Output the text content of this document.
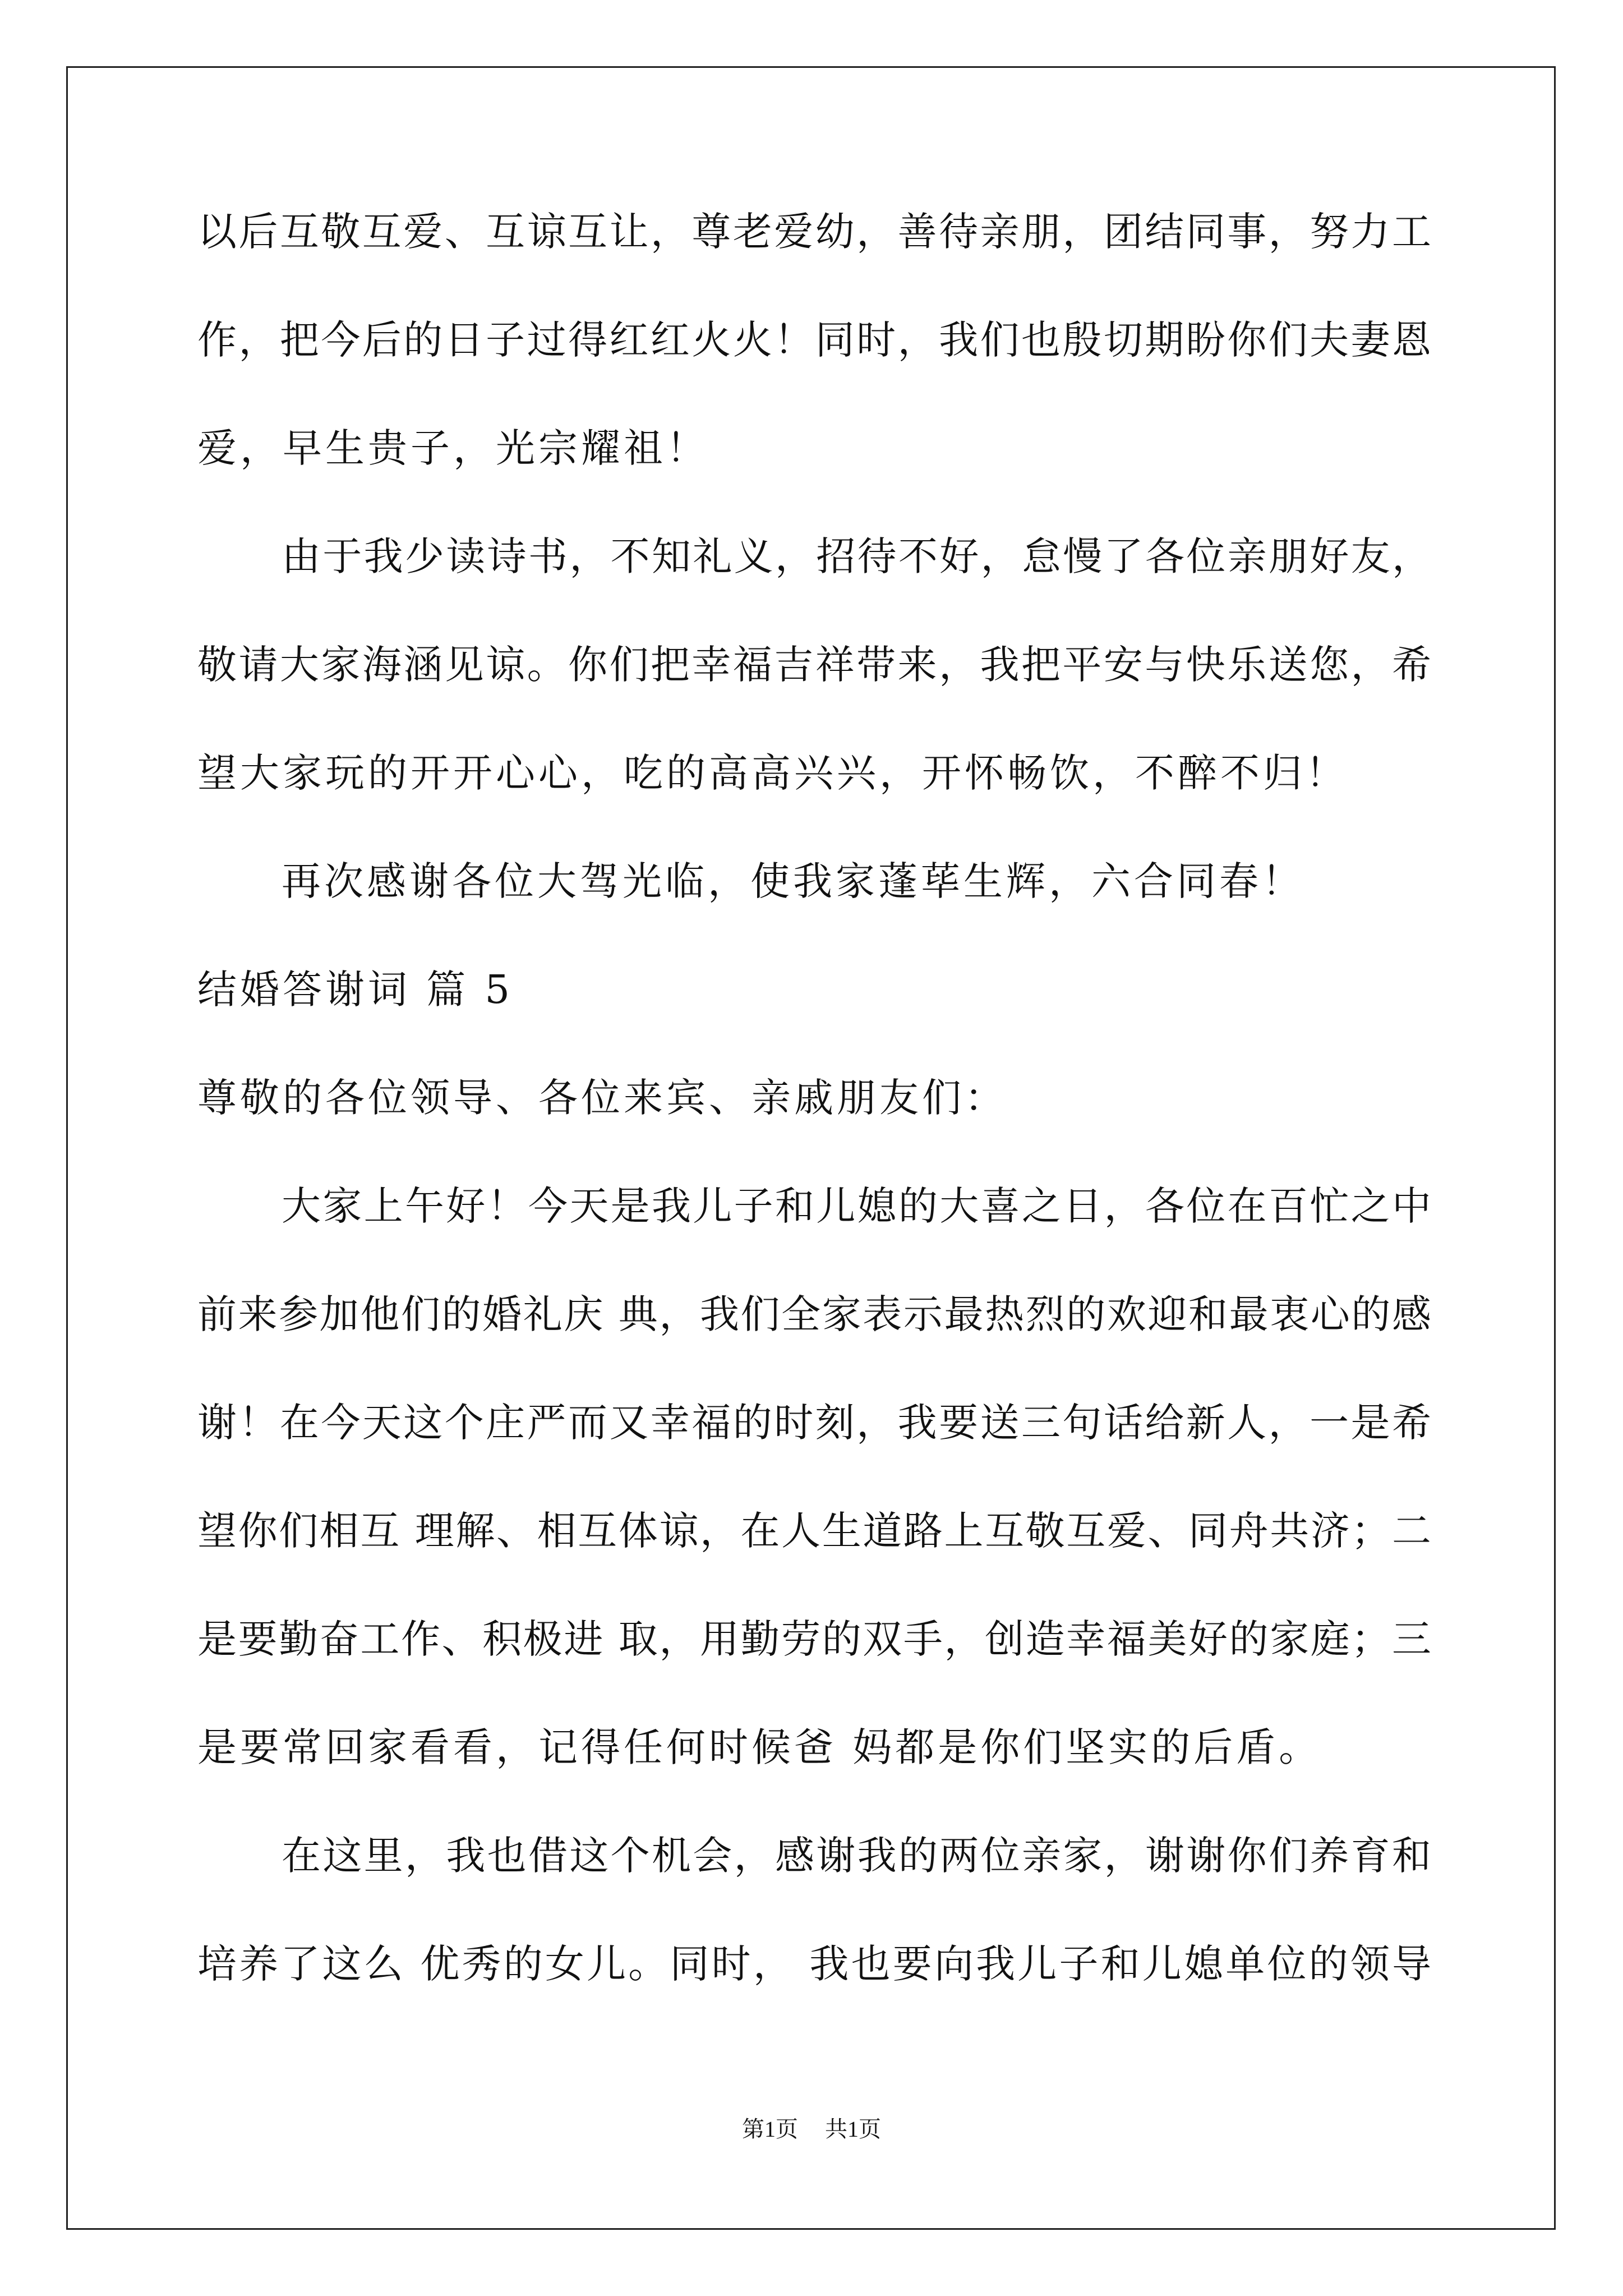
以后互敬互爱、互谅互让，尊老爱幼，善待亲朋，团结同事，努力工
作，把今后的日子过得红红火火！同时，我们也殷切期盼你们夫妻恩
爱，早生贵子，光宗耀祖！
由于我少读诗书，不知礼义，招待不好，怠慢了各位亲朋好友，
敬请大家海涵见谅。你们把幸福吉祥带来，我把平安与快乐送您，希
望大家玩的开开心心，吃的高高兴兴，开怀畅饮，不醉不归！
再次感谢各位大驾光临，使我家蓬荜生辉，六合同春！
结婚答谢词 篇 5
尊敬的各位领导、各位来宾、亲戚朋友们：
大家上午好！今天是我儿子和儿媳的大喜之日，各位在百忙之中
前来参加他们的婚礼庆 典，我们全家表示最热烈的欢迎和最衷心的感
谢！在今天这个庄严而又幸福的时刻，我要送三句话给新人，一是希
望你们相互 理解、相互体谅，在人生道路上互敬互爱、同舟共济；二
是要勤奋工作、积极进 取，用勤劳的双手，创造幸福美好的家庭；三
是要常回家看看，记得任何时候爸 妈都是你们坚实的后盾。
在这里，我也借这个机会，感谢我的两位亲家，谢谢你们养育和
培养了这么 优秀的女儿。同时， 我也要向我儿子和儿媳单位的领导
第1页 共1页
